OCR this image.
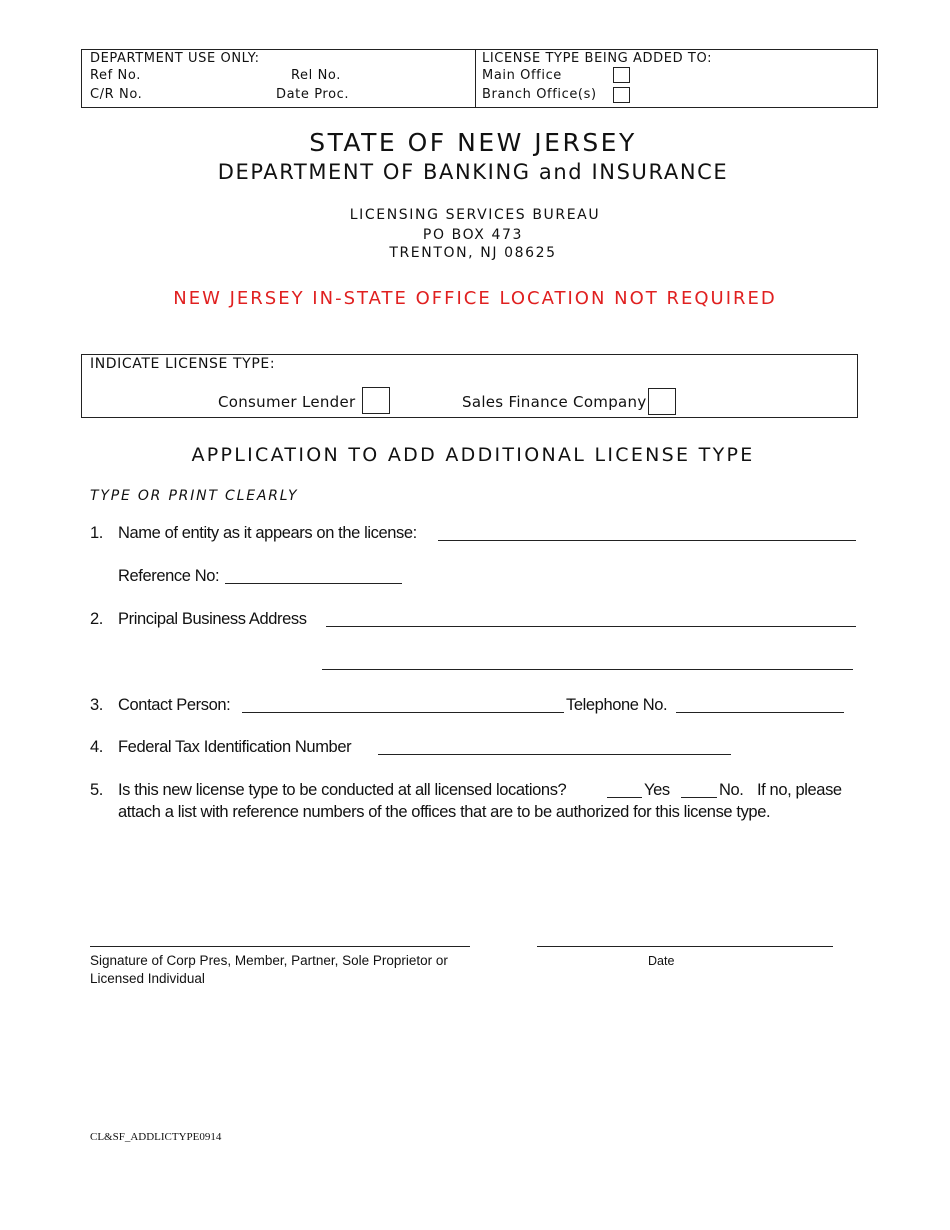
DEPARTMENT USE ONLY:
Ref No.	Rel No.
C/R No.	Date Proc.
LICENSE TYPE BEING ADDED TO:
Main Office
Branch Office(s)
STATE OF NEW JERSEY
DEPARTMENT OF BANKING and INSURANCE
LICENSING SERVICES BUREAU
PO BOX 473
TRENTON, NJ 08625
NEW JERSEY IN-STATE OFFICE LOCATION NOT REQUIRED
INDICATE LICENSE TYPE:
Consumer Lender	Sales Finance Company
APPLICATION TO ADD ADDITIONAL LICENSE TYPE
TYPE OR PRINT CLEARLY
1. Name of entity as it appears on the license:
Reference No:
2. Principal Business Address
3. Contact Person:	Telephone No.
4. Federal Tax Identification Number
5. Is this new license type to be conducted at all licensed locations?	Yes	No. If no, please
attach a list with reference numbers of the offices that are to be authorized for this license type.
Signature of Corp Pres, Member, Partner, Sole Proprietor or
Licensed Individual
Date
CL&SF_ADDLICTYPE0914
